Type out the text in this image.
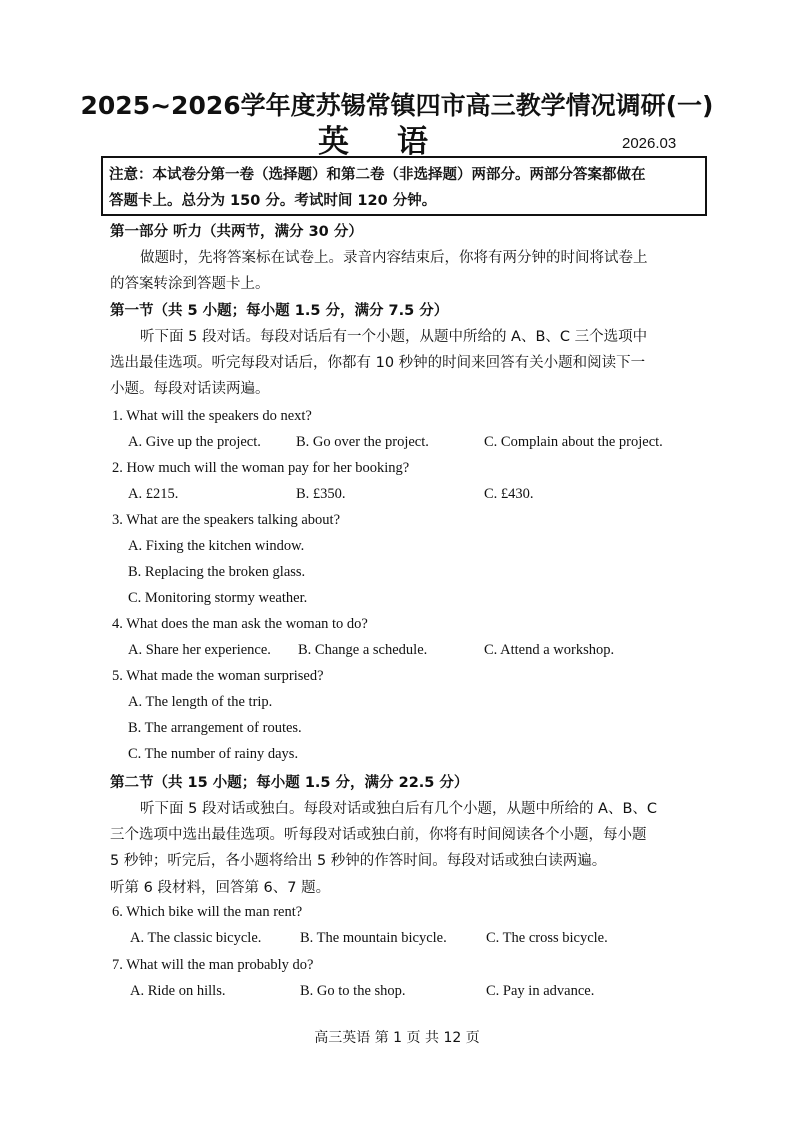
2025~2026学年度苏锡常镇四市高三教学情况调研(一)
英语	2026.03
注意：本试卷分第一卷（选择题）和第二卷（非选择题）两部分。两部分答案都做在
答题卡上。总分为 150 分。考试时间 120 分钟。
第一部分 听力（共两节，满分 30 分）
做题时，先将答案标在试卷上。录音内容结束后，你将有两分钟的时间将试卷上
的答案转涂到答题卡上。
第一节（共 5 小题；每小题 1.5 分，满分 7.5 分）
听下面 5 段对话。每段对话后有一个小题，从题中所给的 A、B、C 三个选项中
选出最佳选项。听完每段对话后，你都有 10 秒钟的时间来回答有关小题和阅读下一
小题。每段对话读两遍。
1. What will the speakers do next?
A. Give up the project. B. Go over the project.	C. Complain about the project.
2. How much will the woman pay for her booking?
A. £215.	B. £350.	C. £430.
3. What are the speakers talking about?
A. Fixing the kitchen window.
B. Replacing the broken glass.
C. Monitoring stormy weather.
4. What does the man ask the woman to do?
A. Share her experience. B. Change a schedule.	C. Attend a workshop.
5. What made the woman surprised?
A. The length of the trip.
B. The arrangement of routes.
C. The number of rainy days.
第二节（共 15 小题；每小题 1.5 分，满分 22.5 分）
听下面 5 段对话或独白。每段对话或独白后有几个小题，从题中所给的 A、B、C
三个选项中选出最佳选项。听每段对话或独白前，你将有时间阅读各个小题，每小题
5 秒钟；听完后，各小题将给出 5 秒钟的作答时间。每段对话或独白读两遍。
听第 6 段材料，回答第 6、7 题。
6. Which bike will the man rent?
A. The classic bicycle.	B. The mountain bicycle.	C. The cross bicycle.
7. What will the man probably do?
A. Ride on hills.	B. Go to the shop.	C. Pay in advance.
高三英语 第 1 页 共 12 页
